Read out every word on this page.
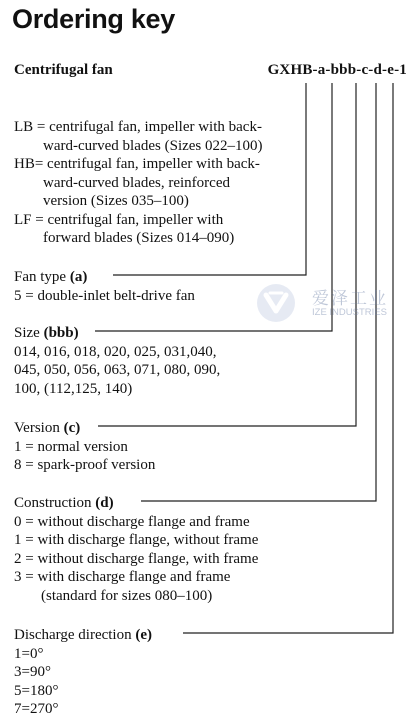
Ordering key
Centrifugal fan	GXHB-a-bbb-c-d-e-1
LB = centrifugal fan, impeller with back-
ward-curved blades (Sizes 022–100)
HB= centrifugal fan, impeller with back-
ward-curved blades, reinforced
version (Sizes 035–100)
LF = centrifugal fan, impeller with
forward blades (Sizes 014–090)
Fan type (a)
5 = double-inlet belt-drive fan
Size (bbb)
014, 016, 018, 020, 025, 031,040,
045, 050, 056, 063, 071, 080, 090,
100, (112,125, 140)
Version (c)
1 = normal version
8 = spark-proof version
Construction (d)
0 = without discharge flange and frame
1 = with discharge flange, without frame
2 = without discharge flange, with frame
3 = with discharge flange and frame
(standard for sizes 080–100)
Discharge direction (e)
1=0°
3=90°
5=180°
7=270°
爱泽工业
IZE INDUSTRIES
